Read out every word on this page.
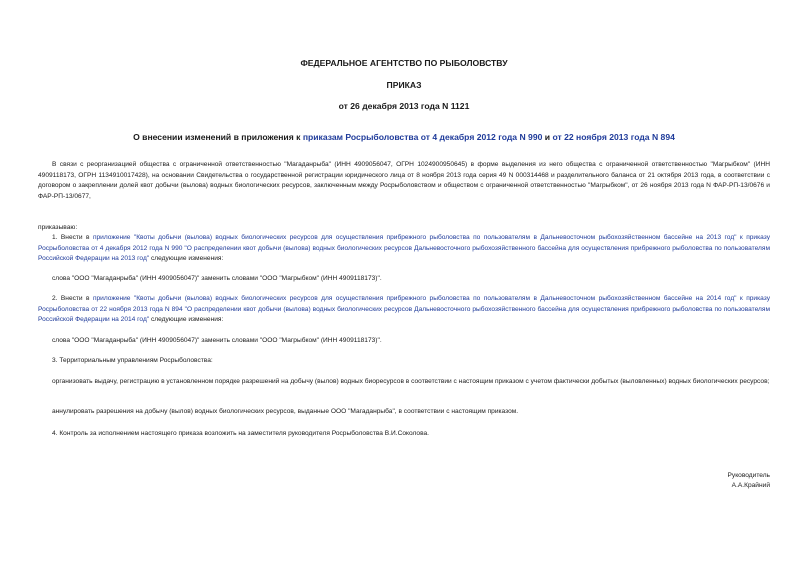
ФЕДЕРАЛЬНОЕ АГЕНТСТВО ПО РЫБОЛОВСТВУ
ПРИКАЗ
от 26 декабря 2013 года N 1121
О внесении изменений в приложения к приказам Росрыболовства от 4 декабря 2012 года N 990 и от 22 ноября 2013 года N 894
В связи с реорганизацией общества с ограниченной ответственностью "Магаданрыба" (ИНН 4909056047, ОГРН 1024900950645) в форме выделения из него общества с ограниченной ответственностью "Магрыбком" (ИНН 4909118173, ОГРН 1134910017428), на основании Свидетельства о государственной регистрации юридического лица от 8 ноября 2013 года серия 49 N 000314468 и разделительного баланса от 21 октября 2013 года, в соответствии с договором о закреплении долей квот добычи (вылова) водных биологических ресурсов, заключенным между Росрыболовством и обществом с ограниченной ответственностью "Магрыбком", от 26 ноября 2013 года N ФАР-РП-13/0676 и ФАР-РП-13/0677,
приказываю:
1. Внести в приложение "Квоты добычи (вылова) водных биологических ресурсов для осуществления прибрежного рыболовства по пользователям в Дальневосточном рыбохозяйственном бассейне на 2013 год" к приказу Росрыболовства от 4 декабря 2012 года N 990 "О распределении квот добычи (вылова) водных биологических ресурсов Дальневосточного рыбохозяйственного бассейна для осуществления прибрежного рыболовства по пользователям Российской Федерации на 2013 год" следующие изменения:
слова "ООО "Магаданрыба" (ИНН 4909056047)" заменить словами "ООО "Магрыбком" (ИНН 4909118173)".
2. Внести в приложение "Квоты добычи (вылова) водных биологических ресурсов для осуществления прибрежного рыболовства по пользователям в Дальневосточном рыбохозяйственном бассейне на 2014 год" к приказу Росрыболовства от 22 ноября 2013 года N 894 "О распределении квот добычи (вылова) водных биологических ресурсов Дальневосточного рыбохозяйственного бассейна для осуществления прибрежного рыболовства по пользователям Российской Федерации на 2014 год" следующие изменения:
слова "ООО "Магаданрыба" (ИНН 4909056047)" заменить словами "ООО "Магрыбком" (ИНН 4909118173)".
3. Территориальным управлениям Росрыболовства:
организовать выдачу, регистрацию в установленном порядке разрешений на добычу (вылов) водных биоресурсов в соответствии с настоящим приказом с учетом фактически добытых (выловленных) водных биологических ресурсов;
аннулировать разрешения на добычу (вылов) водных биологических ресурсов, выданные ООО "Магаданрыба", в соответствии с настоящим приказом.
4. Контроль за исполнением настоящего приказа возложить на заместителя руководителя Росрыболовства В.И.Соколова.
Руководитель
А.А.Крайний
